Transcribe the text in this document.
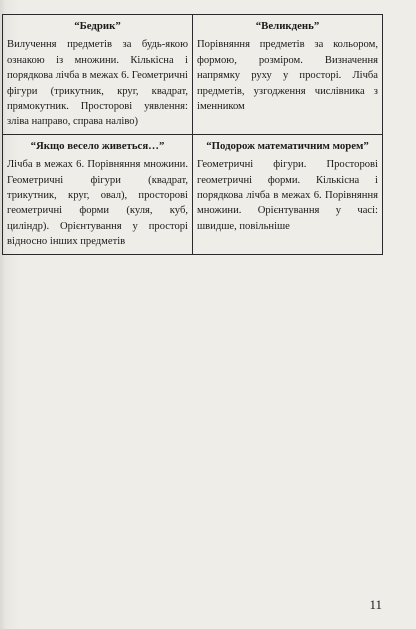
“Бедрик”
Вилучення предметів за будь-якою ознакою із множини. Кількісна і порядкова лічба в межах 6. Геометричні фігури (трикутник, круг, квадрат, прямокутник. Просторові уявлення: зліва направо, справа наліво)	“Великдень”
Порівняння предметів за кольором, формою, розміром. Визначення напрямку руху у просторі. Лічба предметів, узгодження числівника з іменником

“Якщо весело живеться…”
Лічба в межах 6. Порівняння множини. Геометричні фігури (квадрат, трикутник, круг, овал), просторові геометричні форми (куля, куб, циліндр). Орієнтування у просторі відносно інших предметів	“Подорож математичним морем”
Геометричні фігури. Просторові геометричні форми. Кількісна і порядкова лічба в межах 6. Порівняння множини. Орієнтування у часі: швидше, повільніше
11
